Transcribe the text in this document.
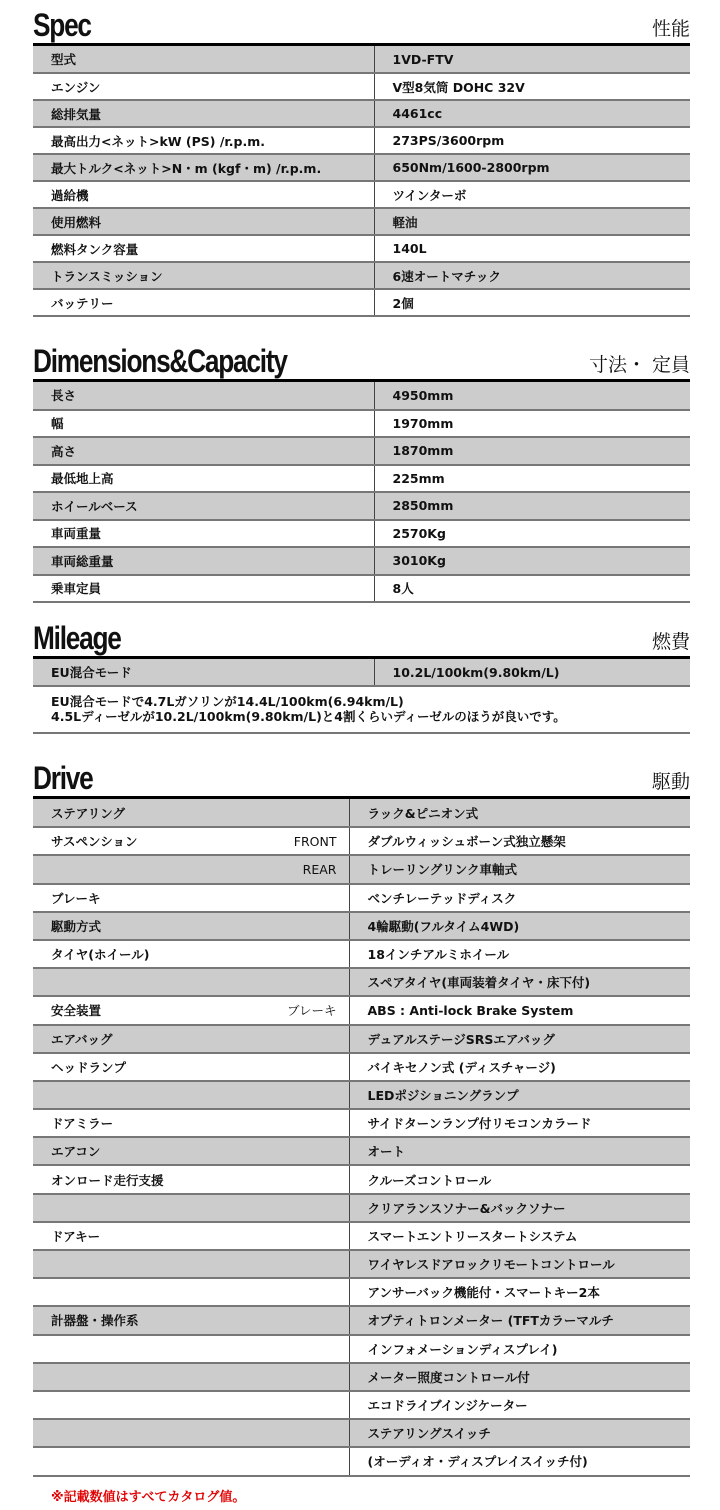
Spec	性能
型式	1VD-FTV
エンジン	V型8気筒 DOHC 32V
総排気量	4461cc
最高出力<ネット>kW (PS) /r.p.m.	273PS/3600rpm
最大トルク<ネット>N・m (kgf・m) /r.p.m.	650Nm/1600-2800rpm
過給機	ツインターボ
使用燃料	軽油
燃料タンク容量	140L
トランスミッション	6速オートマチック
バッテリー	2個
Dimensions&Capacity	寸法・ 定員
長さ	4950mm
幅	1970mm
高さ	1870mm
最低地上高	225mm
ホイールベース	2850mm
車両重量	2570Kg
車両総重量	3010Kg
乗車定員	8人
Mileage	燃費
EU混合モード	10.2L/100km(9.80km/L)
EU混合モードで4.7Lガソリンが14.4L/100km(6.94km/L)
4.5Lディーゼルが10.2L/100km(9.80km/L)と4割くらいディーゼルのほうが良いです。
Drive	駆動
ステアリング		ラック&ピニオン式
サスペンション	FRONT	ダブルウィッシュボーン式独立懸架
	REAR	トレーリングリンク車軸式
ブレーキ		ベンチレーテッドディスク
駆動方式		4輪駆動(フルタイム4WD)
タイヤ(ホイール)		18インチアルミホイール
		スペアタイヤ(車両装着タイヤ・床下付)
安全装置	ブレーキ	ABS : Anti-lock Brake System
エアバッグ		デュアルステージSRSエアバッグ
ヘッドランプ		バイキセノン式 (ディスチャージ)
		LEDポジショニングランプ
ドアミラー		サイドターンランプ付リモコンカラード
エアコン		オート
オンロード走行支援		クルーズコントロール
		クリアランスソナー&バックソナー
ドアキー		スマートエントリースタートシステム
		ワイヤレスドアロックリモートコントロール
		アンサーバック機能付・スマートキー2本
計器盤・操作系		オプティトロンメーター (TFTカラーマルチ
		インフォメーションディスプレイ)
		メーター照度コントロール付
		エコドライブインジケーター
		ステアリングスイッチ
		(オーディオ・ディスプレイスイッチ付)
※記載数値はすべてカタログ値。
